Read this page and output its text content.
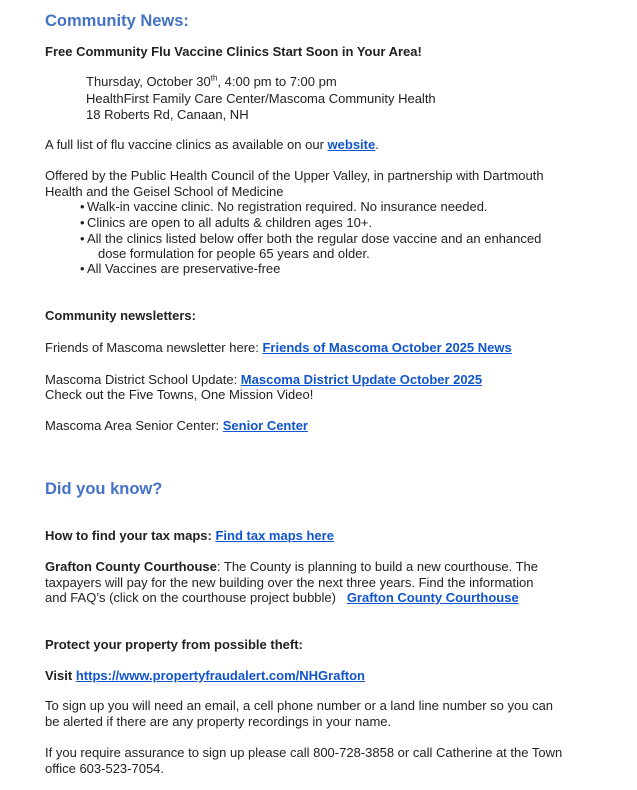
Community News:
Free Community Flu Vaccine Clinics Start Soon in Your Area!
Thursday, October 30th, 4:00 pm to 7:00 pm
HealthFirst Family Care Center/Mascoma Community Health
18 Roberts Rd, Canaan, NH
A full list of flu vaccine clinics as available on our website.
Offered by the Public Health Council of the Upper Valley, in partnership with Dartmouth
Health and the Geisel School of Medicine
• Walk-in vaccine clinic. No registration required. No insurance needed.
• Clinics are open to all adults & children ages 10+.
• All the clinics listed below offer both the regular dose vaccine and an enhanced
dose formulation for people 65 years and older.
• All Vaccines are preservative-free
Community newsletters:
Friends of Mascoma newsletter here: Friends of Mascoma October 2025 News
Mascoma District School Update: Mascoma District Update October 2025
Check out the Five Towns, One Mission Video!
Mascoma Area Senior Center: Senior Center
Did you know?
How to find your tax maps: Find tax maps here
Grafton County Courthouse: The County is planning to build a new courthouse. The
taxpayers will pay for the new building over the next three years. Find the information
and FAQ’s (click on the courthouse project bubble)   Grafton County Courthouse
Protect your property from possible theft:
Visit https://www.propertyfraudalert.com/NHGrafton
To sign up you will need an email, a cell phone number or a land line number so you can
be alerted if there are any property recordings in your name.
If you require assurance to sign up please call 800-728-3858 or call Catherine at the Town
office 603-523-7054.
